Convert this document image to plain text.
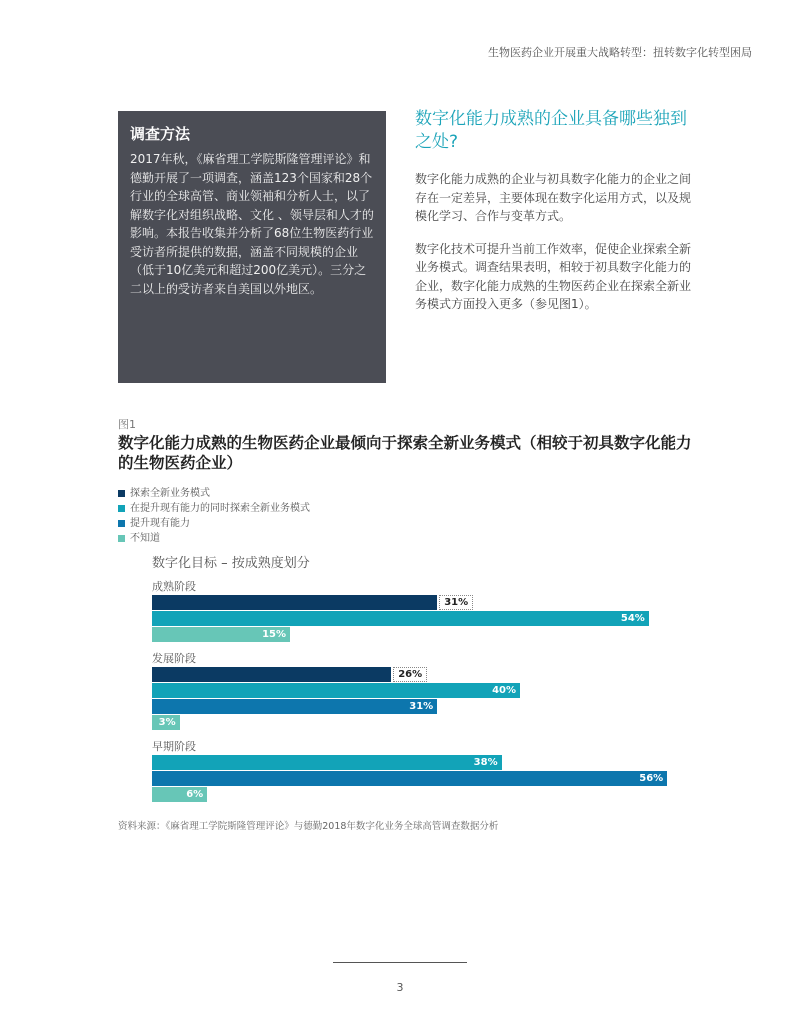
生物医药企业开展重大战略转型：扭转数字化转型困局
调查方法
2017年秋，《麻省理工学院斯隆管理评论》和德勤开展了一项调查，涵盖123个国家和28个行业的全球高管、商业领袖和分析人士，以了解数字化对组织战略、文化 、领导层和人才的影响。本报告收集并分析了68位生物医药行业受访者所提供的数据，涵盖不同规模的企业（低于10亿美元和超过200亿美元）。三分之二以上的受访者来自美国以外地区。
数字化能力成熟的企业具备哪些独到之处?

数字化能力成熟的企业与初具数字化能力的企业之间存在一定差异，主要体现在数字化运用方式，以及规模化学习、合作与变革方式。

数字化技术可提升当前工作效率，促使企业探索全新业务模式。调查结果表明，相较于初具数字化能力的企业，数字化能力成熟的生物医药企业在探索全新业务模式方面投入更多（参见图1）。

图1
数字化能力成熟的生物医药企业最倾向于探索全新业务模式（相较于初具数字化能力的生物医药企业）
探索全新业务模式
在提升现有能力的同时探索全新业务模式
提升现有能力
不知道
数字化目标 – 按成熟度划分
成熟阶段
31%
54%
15%
发展阶段
26%
40%
31%
3%
早期阶段
38%
56%
6%
资料来源：《麻省理工学院斯隆管理评论》与德勤2018年数字化业务全球高管调查数据分析
3
